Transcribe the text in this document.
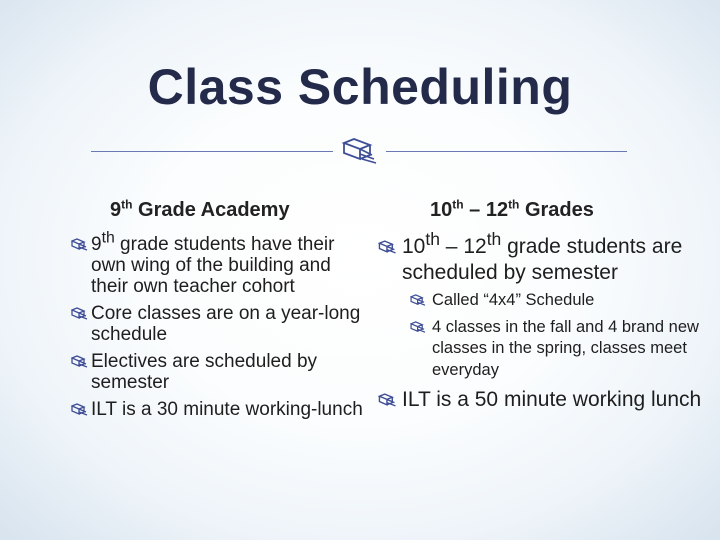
Class Scheduling
9th Grade Academy	10th – 12th Grades
9th grade students have their own wing of the building and their own teacher cohort
Core classes are on a year-long schedule
Electives are scheduled by semester
ILT is a 30 minute working-lunch
10th – 12th grade students are scheduled by semester
Called “4x4” Schedule
4 classes in the fall and 4 brand new classes in the spring, classes meet everyday
ILT is a 50 minute working lunch
